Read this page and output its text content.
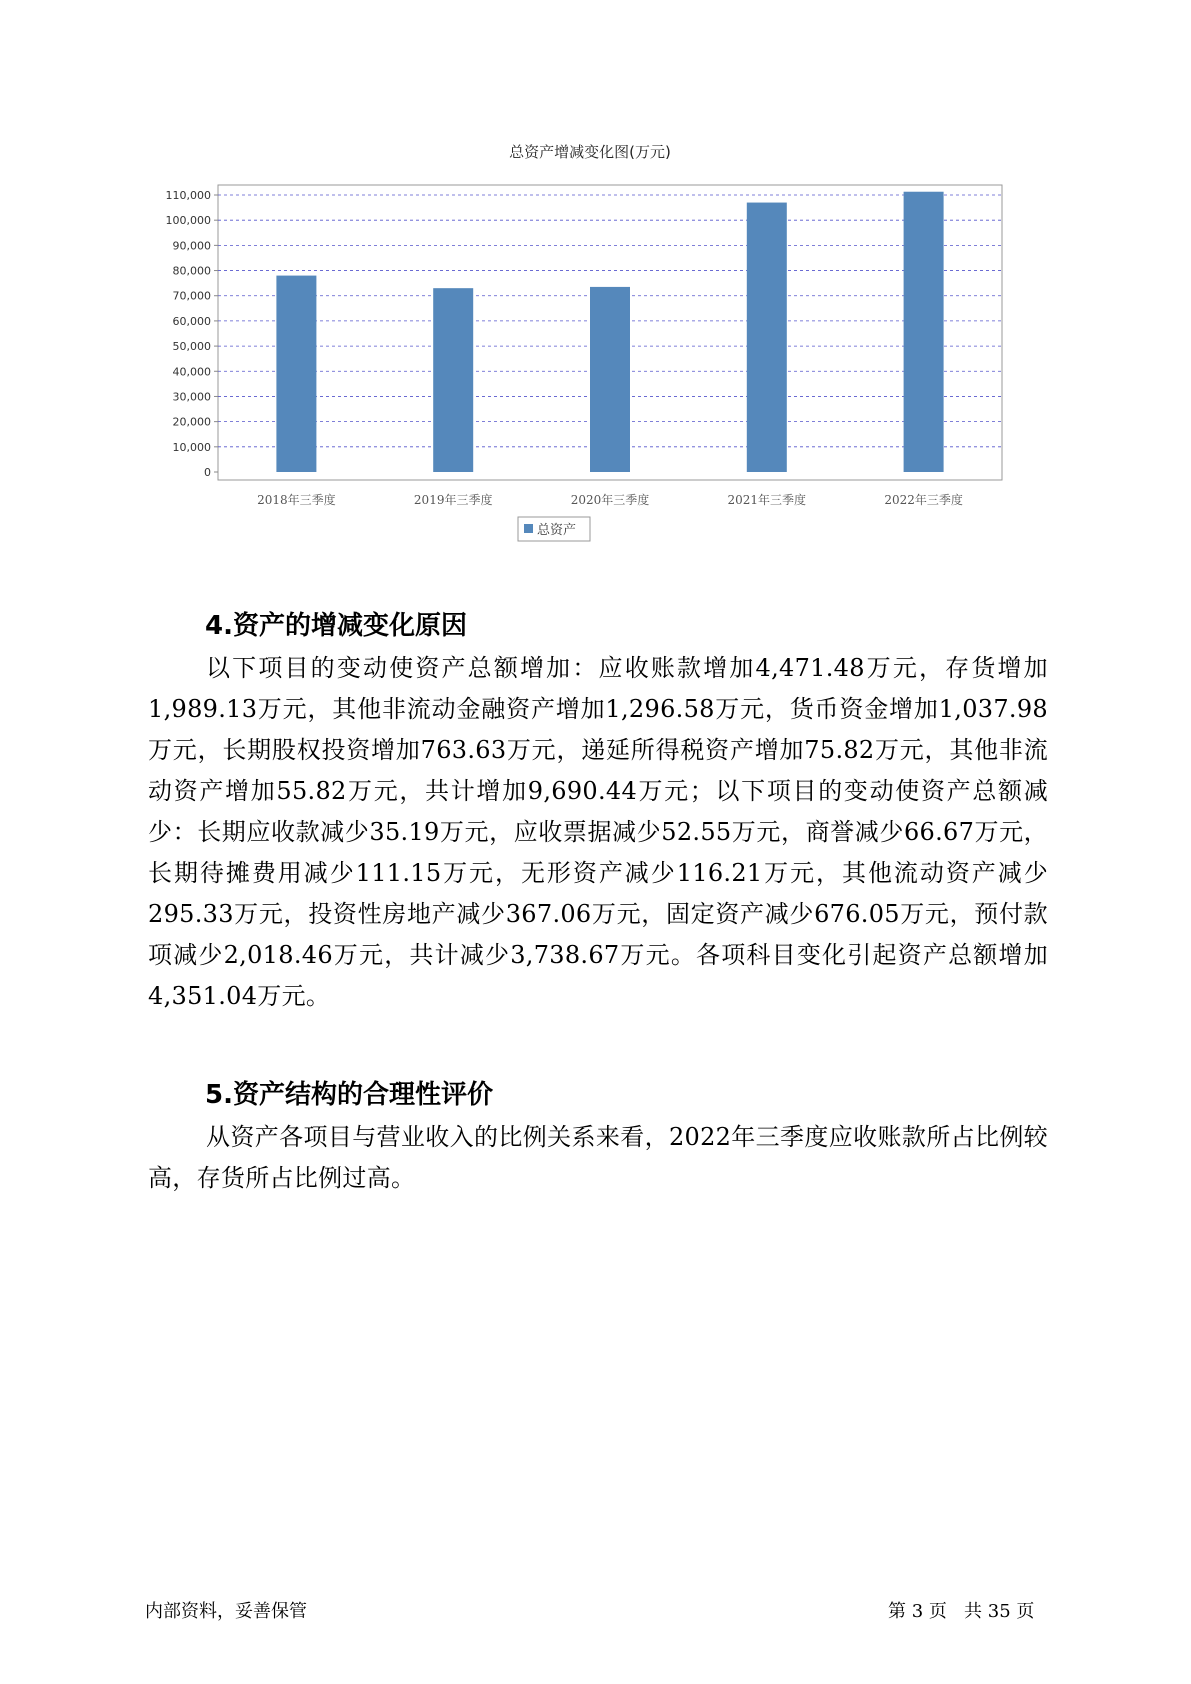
总资产增减变化图(万元)
0
10,000
20,000
30,000
40,000
50,000
60,000
70,000
80,000
90,000
100,000
110,000
2018年三季度	2019年三季度	2020年三季度	2021年三季度	2022年三季度
总资产
4.资产的增减变化原因

以下项目的变动使资产总额增加：应收账款增加4,471.48万元，存货增加1,989.13万元，其他非流动金融资产增加1,296.58万元，货币资金增加1,037.98万元，长期股权投资增加763.63万元，递延所得税资产增加75.82万元，其他非流动资产增加55.82万元，共计增加9,690.44万元；以下项目的变动使资产总额减少：长期应收款减少35.19万元，应收票据减少52.55万元，商誉减少66.67万元，长期待摊费用减少111.15万元，无形资产减少116.21万元，其他流动资产减少295.33万元，投资性房地产减少367.06万元，固定资产减少676.05万元，预付款项减少2,018.46万元，共计减少3,738.67万元。各项科目变化引起资产总额增加4,351.04万元。

5.资产结构的合理性评价

从资产各项目与营业收入的比例关系来看，2022年三季度应收账款所占比例较高，存货所占比例过高。

内部资料，妥善保管	第 3 页   共 35 页
